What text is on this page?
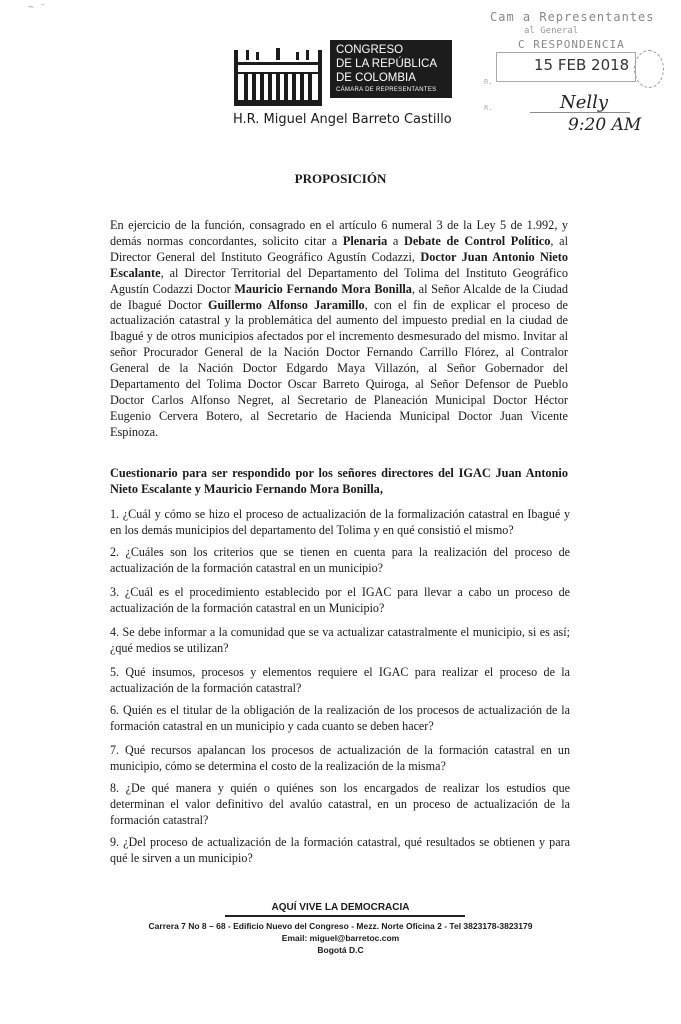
~ ⁻
CONGRESO
DE LA REPÚBLICA
DE COLOMBIA
CÁMARA DE REPRESENTANTES
H.R. Miguel Angel Barreto Castillo
Cam a Representantes
al General
C RESPONDENCIA
15 FEB 2018
R.
R.	Nelly
9:20 AM
PROPOSICIÓN
En ejercicio de la función, consagrado en el artículo 6 numeral 3 de la Ley 5 de 1.992, y demás normas concordantes, solicito citar a Plenaria a Debate de Control Político, al Director General del Instituto Geográfico Agustín Codazzi, Doctor Juan Antonio Nieto Escalante, al Director Territorial del Departamento del Tolima del Instituto Geográfico Agustín Codazzi Doctor Mauricio Fernando Mora Bonilla, al Señor Alcalde de la Ciudad de Ibagué Doctor Guillermo Alfonso Jaramillo, con el fin de explicar el proceso de actualización catastral y la problemática del aumento del impuesto predial en la ciudad de Ibagué y de otros municipios afectados por el incremento desmesurado del mismo. Invitar al señor Procurador General de la Nación Doctor Fernando Carrillo Flórez, al Contralor General de la Nación Doctor Edgardo Maya Villazón, al Señor Gobernador del Departamento del Tolima Doctor Oscar Barreto Quiroga, al Señor Defensor de Pueblo Doctor Carlos Alfonso Negret, al Secretario de Planeación Municipal Doctor Héctor Eugenio Cervera Botero, al Secretario de Hacienda Municipal Doctor Juan Vicente Espinoza.
Cuestionario para ser respondido por los señores directores del IGAC Juan Antonio Nieto Escalante y Mauricio Fernando Mora Bonilla,
1. ¿Cuál y cómo se hizo el proceso de actualización de la formalización catastral en Ibagué y en los demás municipios del departamento del Tolima y en qué consistió el mismo?
2. ¿Cuáles son los criterios que se tienen en cuenta para la realización del proceso de actualización de la formación catastral en un municipio?
3. ¿Cuál es el procedimiento establecido por el IGAC para llevar a cabo un proceso de actualización de la formación catastral en un Municipio?
4. Se debe informar a la comunidad que se va actualizar catastralmente el municipio, si es así; ¿qué medios se utilizan?
5. Qué insumos, procesos y elementos requiere el IGAC para realizar el proceso de la actualización de la formación catastral?
6. Quién es el titular de la obligación de la realización de los procesos de actualización de la formación catastral en un municipio y cada cuanto se deben hacer?
7. Qué recursos apalancan los procesos de actualización de la formación catastral en un municipio, cómo se determina el costo de la realización de la misma?
8. ¿De qué manera y quién o quiénes son los encargados de realizar los estudios que determinan el valor definitivo del avalúo catastral, en un proceso de actualización de la formación catastral?
9. ¿Del proceso de actualización de la formación catastral, qué resultados se obtienen y para qué le sirven a un municipio?
AQUÍ VIVE LA DEMOCRACIA
Carrera 7 No 8 – 68 - Edificio Nuevo del Congreso - Mezz. Norte Oficina 2 - Tel 3823178-3823179
Email: miguel@barretoc.com
Bogotá D.C
